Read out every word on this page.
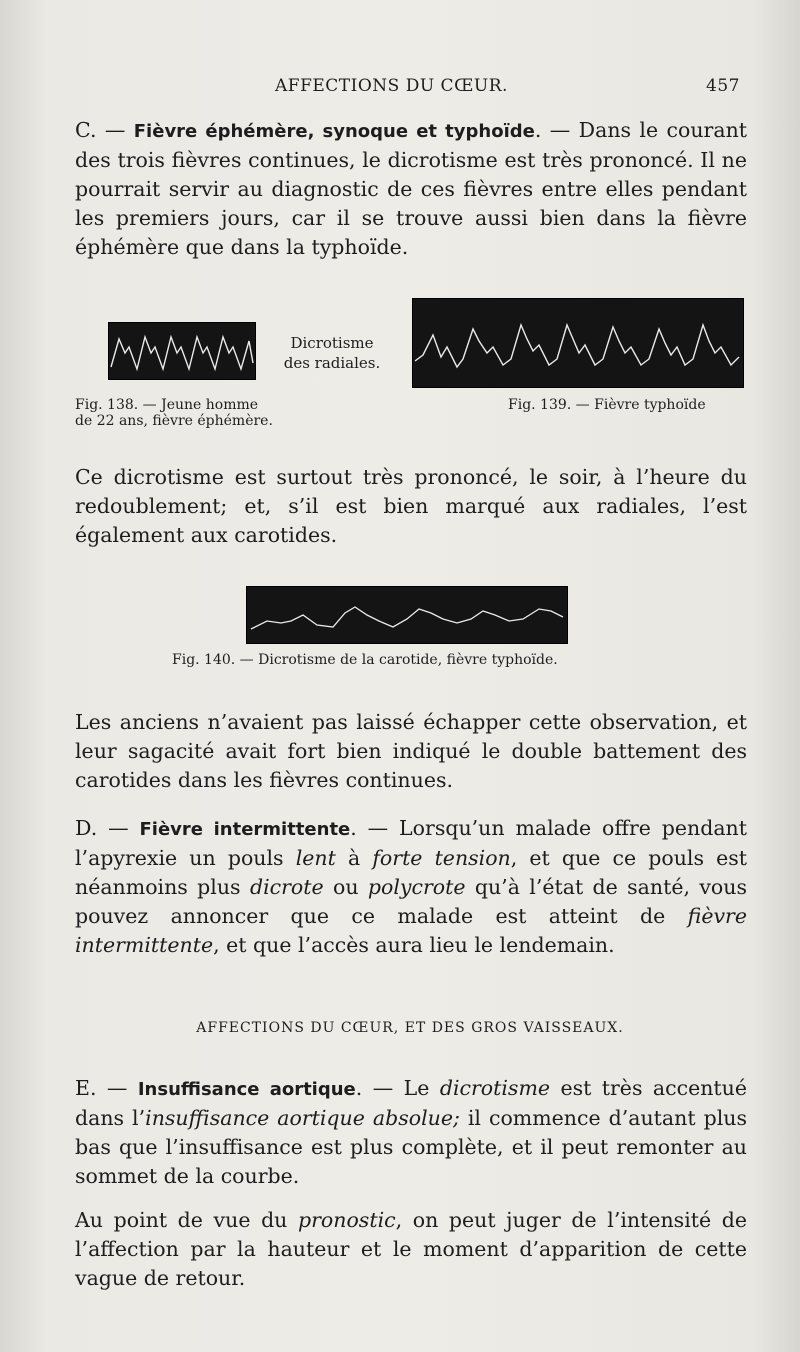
AFFECTIONS DU CŒUR.	457
C. — Fièvre éphémère, synoque et typhoïde. — Dans le courant des trois fièvres continues, le dicrotisme est très prononcé. Il ne pourrait servir au diagnostic de ces fièvres entre elles pendant les premiers jours, car il se trouve aussi bien dans la fièvre éphémère que dans la typhoïde.
Dicrotisme
des radiales.
Fig. 138. — Jeune homme
de 22 ans, fièvre éphémère.
Fig. 139. — Fièvre typhoïde
Ce dicrotisme est surtout très prononcé, le soir, à l’heure du redoublement; et, s’il est bien marqué aux radiales, l’est également aux carotides.
Fig. 140. — Dicrotisme de la carotide, fièvre typhoïde.
Les anciens n’avaient pas laissé échapper cette observation, et leur sagacité avait fort bien indiqué le double battement des carotides dans les fièvres continues.
D. — Fièvre intermittente. — Lorsqu’un malade offre pendant l’apyrexie un pouls lent à forte tension, et que ce pouls est néanmoins plus dicrote ou polycrote qu’à l’état de santé, vous pouvez annoncer que ce malade est atteint de fièvre intermittente, et que l’accès aura lieu le lendemain.
AFFECTIONS DU CŒUR, ET DES GROS VAISSEAUX.
E. — Insuffisance aortique. — Le dicrotisme est très accentué dans l’insuffisance aortique absolue; il commence d’autant plus bas que l’insuffisance est plus complète, et il peut remonter au sommet de la courbe.
Au point de vue du pronostic, on peut juger de l’intensité de l’affection par la hauteur et le moment d’apparition de cette vague de retour.
